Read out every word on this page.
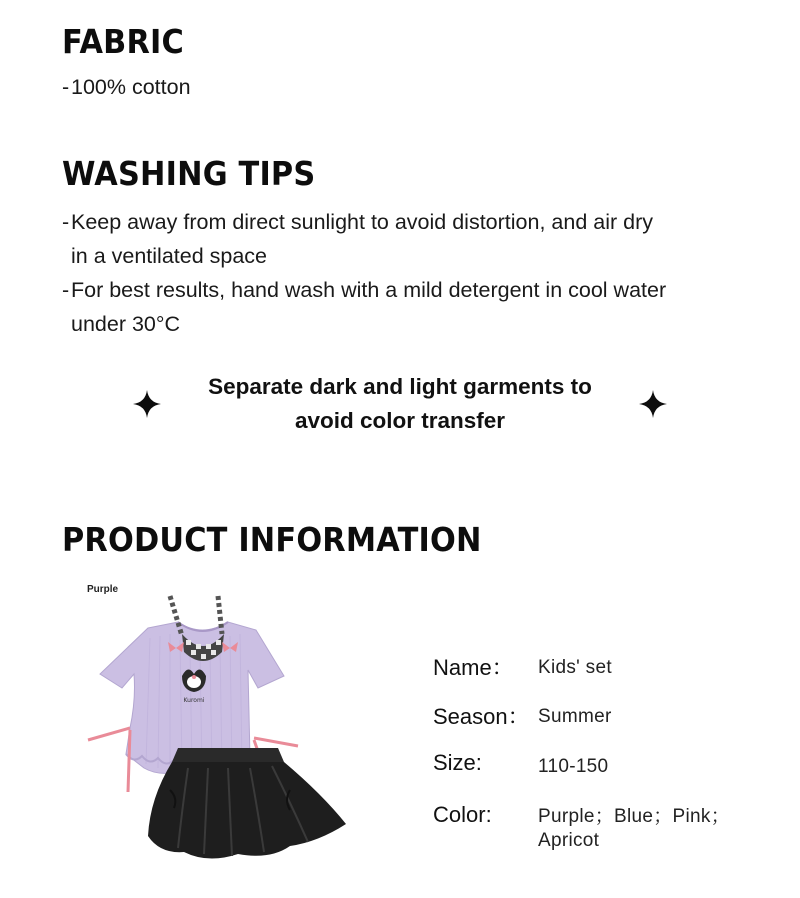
FABRIC
-100% cotton
WASHING TIPS
-Keep away from direct sunlight to avoid distortion, and air dry
in a ventilated space
-For best results, hand wash with a mild detergent in cool water
under 30°C
Separate dark and light garments to
avoid color transfer
PRODUCT INFORMATION
Purple
Kuromi
Name： Kids' set
Season： Summer
Size:	110-150
Color: Purple；Blue；Pink；
Apricot
